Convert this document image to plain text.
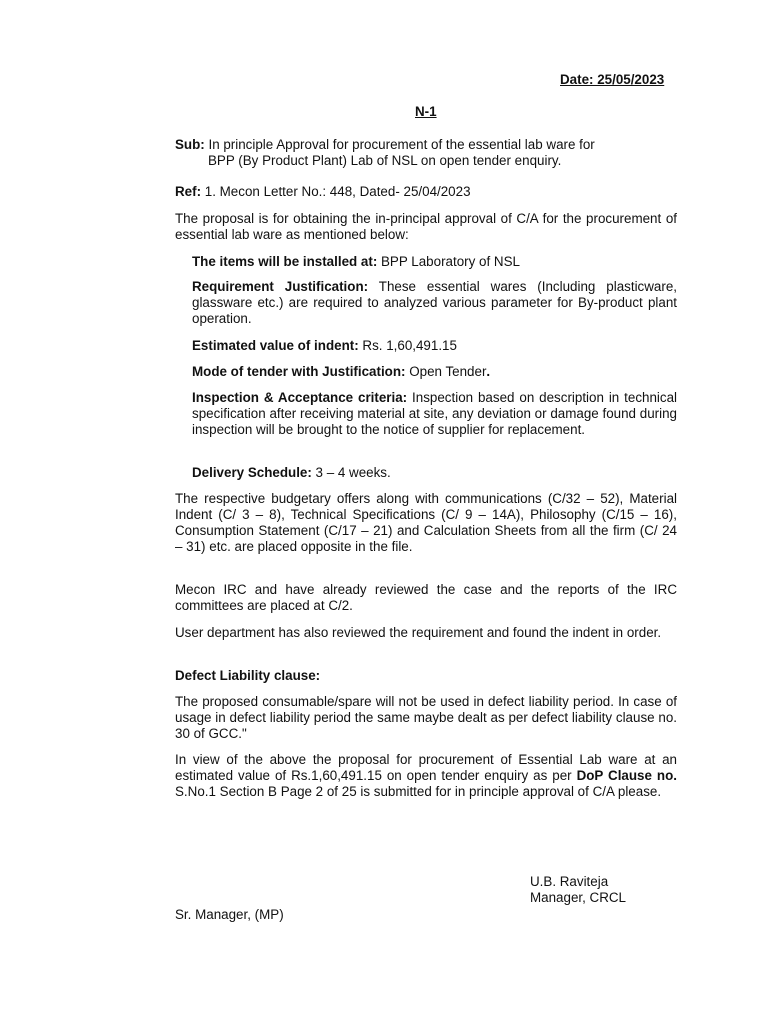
Date: 25/05/2023
N-1
Sub: In principle Approval for procurement of the essential lab ware for
BPP (By Product Plant) Lab of NSL on open tender enquiry.
Ref: 1. Mecon Letter No.: 448, Dated- 25/04/2023
The proposal is for obtaining the in-principal approval of C/A for the procurement of essential lab ware as mentioned below:
The items will be installed at: BPP Laboratory of NSL
Requirement Justification: These essential wares (Including plasticware, glassware etc.) are required to analyzed various parameter for By-product plant operation.
Estimated value of indent: Rs. 1,60,491.15
Mode of tender with Justification: Open Tender.
Inspection & Acceptance criteria: Inspection based on description in technical specification after receiving material at site, any deviation or damage found during inspection will be brought to the notice of supplier for replacement.
Delivery Schedule: 3 – 4 weeks.
The respective budgetary offers along with communications (C/32 – 52), Material Indent (C/ 3 – 8), Technical Specifications (C/ 9 – 14A), Philosophy (C/15 – 16), Consumption Statement (C/17 – 21) and Calculation Sheets from all the firm (C/ 24 – 31) etc. are placed opposite in the file.
Mecon IRC and have already reviewed the case and the reports of the IRC committees are placed at C/2.
User department has also reviewed the requirement and found the indent in order.
Defect Liability clause:
The proposed consumable/spare will not be used in defect liability period. In case of usage in defect liability period the same maybe dealt as per defect liability clause no. 30 of GCC."
In view of the above the proposal for procurement of Essential Lab ware at an estimated value of Rs.1,60,491.15 on open tender enquiry as per DoP Clause no. S.No.1 Section B Page 2 of 25 is submitted for in principle approval of C/A please.
U.B. Raviteja
Manager, CRCL
Sr. Manager, (MP)
